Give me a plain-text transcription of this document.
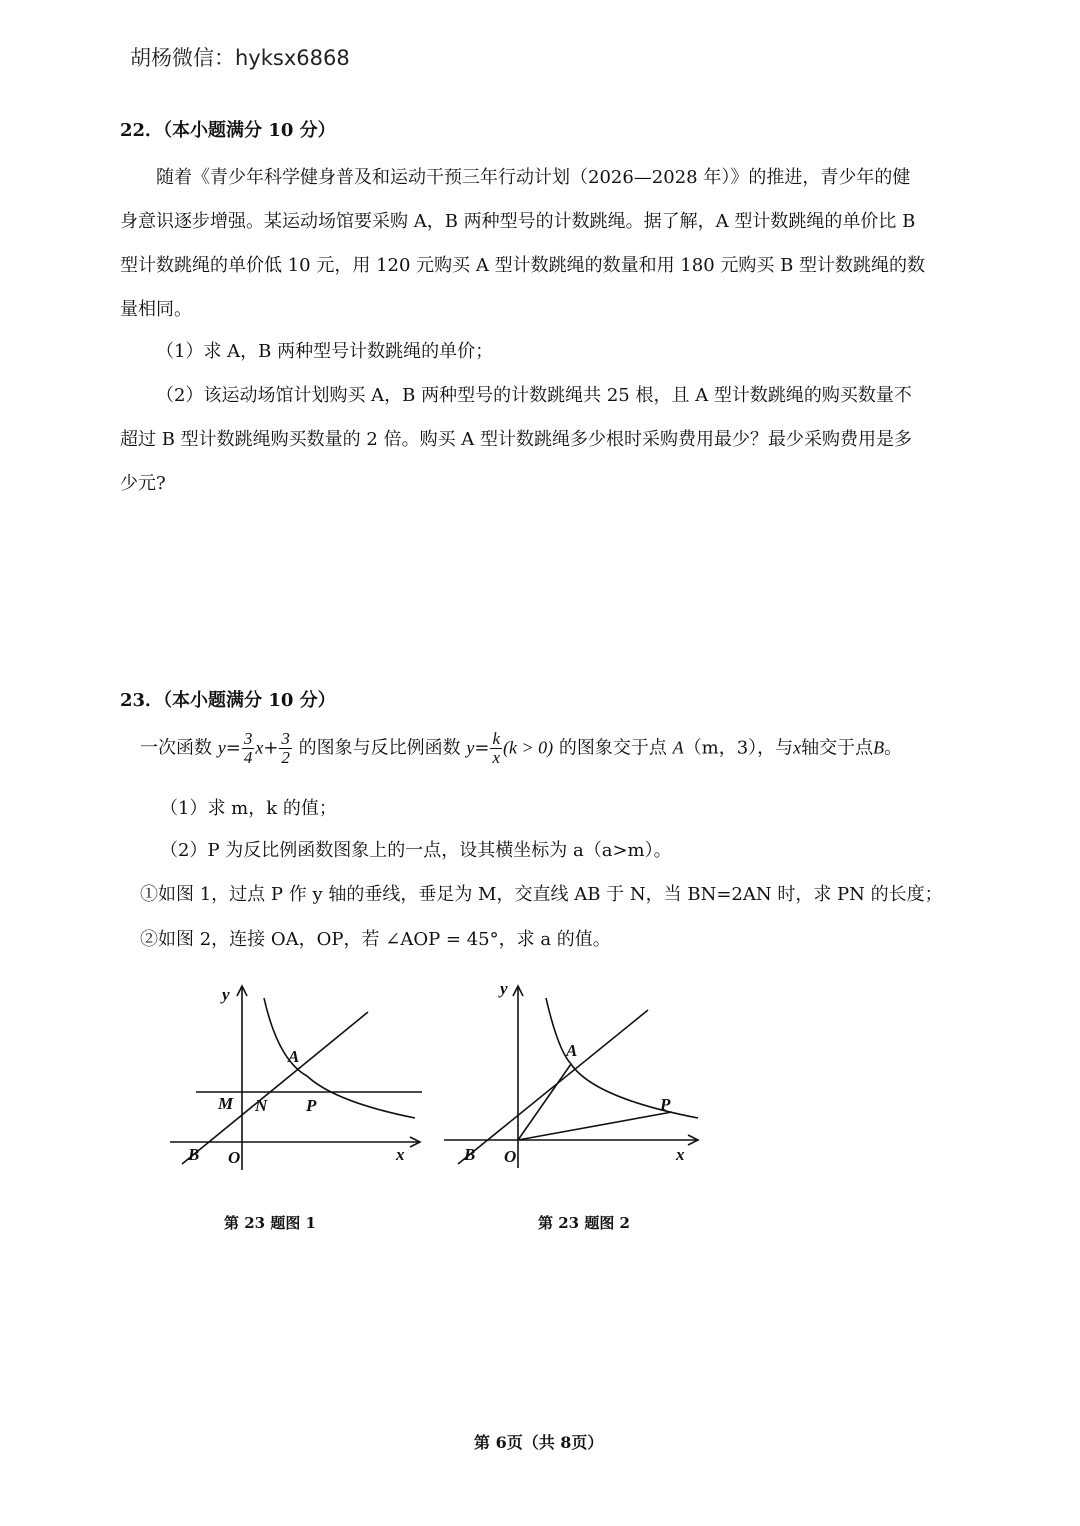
胡杨微信：hyksx6868
22．（本小题满分 10 分）
随着《青少年科学健身普及和运动干预三年行动计划（2026—2028 年）》的推进，青少年的健
身意识逐步增强。某运动场馆要采购 A，B 两种型号的计数跳绳。据了解，A 型计数跳绳的单价比 B
型计数跳绳的单价低 10 元，用 120 元购买 A 型计数跳绳的数量和用 180 元购买 B 型计数跳绳的数
量相同。
（1）求 A，B 两种型号计数跳绳的单价；
（2）该运动场馆计划购买 A，B 两种型号的计数跳绳共 25 根，且 A 型计数跳绳的购买数量不
超过 B 型计数跳绳购买数量的 2 倍。购买 A 型计数跳绳多少根时采购费用最少？最少采购费用是多
少元?
23．（本小题满分 10 分）
一次函数 $y= \frac{3}{4} x+ \frac{3}{2}$ 的图象与反比例函数 $y= \frac{k}{x} (k > 0)$ 的图象交于点 A（m，3），与x轴交于点B。
（1）求 m，k 的值；
（2）P 为反比例函数图象上的一点，设其横坐标为 a（a>m）。
①如图 1，过点 P 作 y 轴的垂线，垂足为 M，交直线 AB 于 N，当 BN=2AN 时，求 PN 的长度；
②如图 2，连接 OA，OP，若 ∠AOP = 45°，求 a 的值。
y
x
A
M N P
B O
第 23 题图 1
y
x
A
P
B O
第 23 题图 2
第 6页（共 8页）
